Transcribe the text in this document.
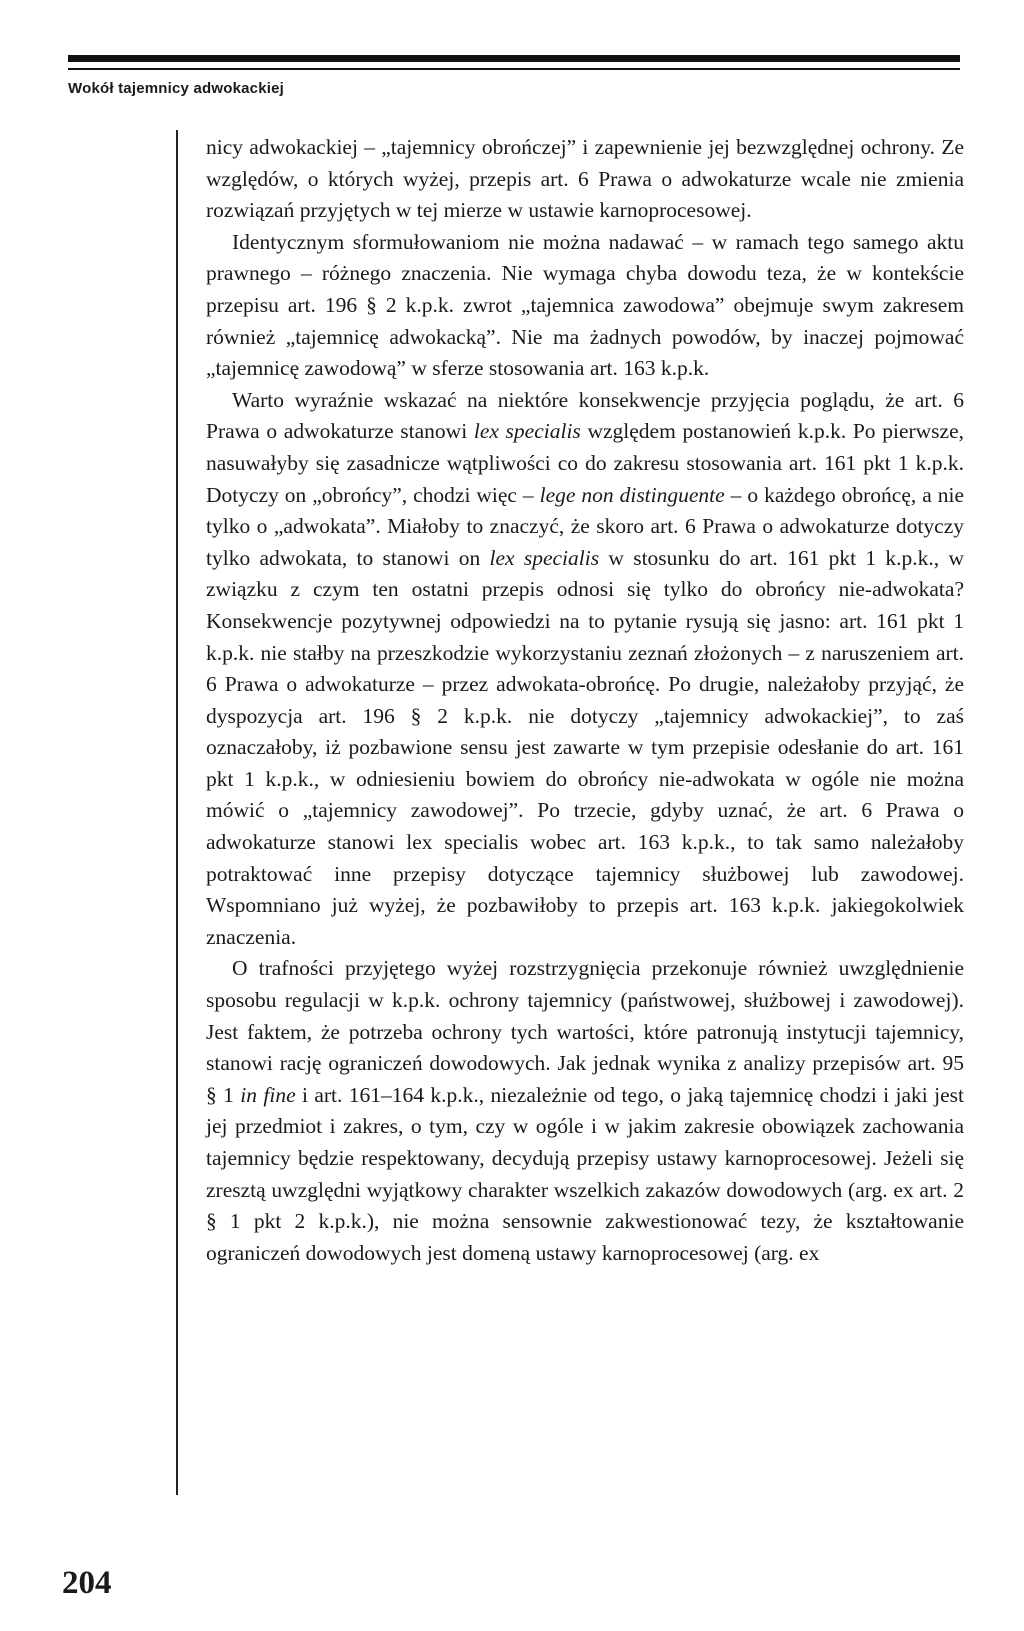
Wokół tajemnicy adwokackiej

nicy adwokackiej – „tajemnicy obrończej” i zapewnienie jej bezwzględnej ochrony. Ze względów, o których wyżej, przepis art. 6 Prawa o adwokaturze wcale nie zmienia rozwiązań przyjętych w tej mierze w ustawie karnoprocesowej.

Identycznym sformułowaniom nie można nadawać – w ramach tego samego aktu prawnego – różnego znaczenia. Nie wymaga chyba dowodu teza, że w kontekście przepisu art. 196 § 2 k.p.k. zwrot „tajemnica zawodowa” obejmuje swym zakresem również „tajemnicę adwokacką”. Nie ma żadnych powodów, by inaczej pojmować „tajemnicę zawodową” w sferze stosowania art. 163 k.p.k.

Warto wyraźnie wskazać na niektóre konsekwencje przyjęcia poglądu, że art. 6 Prawa o adwokaturze stanowi lex specialis względem postanowień k.p.k. Po pierwsze, nasuwałyby się zasadnicze wątpliwości co do zakresu stosowania art. 161 pkt 1 k.p.k. Dotyczy on „obrońcy”, chodzi więc – lege non distinguente – o każdego obrońcę, a nie tylko o „adwokata”. Miałoby to znaczyć, że skoro art. 6 Prawa o adwokaturze dotyczy tylko adwokata, to stanowi on lex specialis w stosunku do art. 161 pkt 1 k.p.k., w związku z czym ten ostatni przepis odnosi się tylko do obrońcy nie-adwokata? Konsekwencje pozytywnej odpowiedzi na to pytanie rysują się jasno: art. 161 pkt 1 k.p.k. nie stałby na przeszkodzie wykorzystaniu zeznań złożonych – z naruszeniem art. 6 Prawa o adwokaturze – przez adwokata-obrońcę. Po drugie, należałoby przyjąć, że dyspozycja art. 196 § 2 k.p.k. nie dotyczy „tajemnicy adwokackiej”, to zaś oznaczałoby, iż pozbawione sensu jest zawarte w tym przepisie odesłanie do art. 161 pkt 1 k.p.k., w odniesieniu bowiem do obrońcy nie-adwokata w ogóle nie można mówić o „tajemnicy zawodowej”. Po trzecie, gdyby uznać, że art. 6 Prawa o adwokaturze stanowi lex specialis wobec art. 163 k.p.k., to tak samo należałoby potraktować inne przepisy dotyczące tajemnicy służbowej lub zawodowej. Wspomniano już wyżej, że pozbawiłoby to przepis art. 163 k.p.k. jakiegokolwiek znaczenia.

O trafności przyjętego wyżej rozstrzygnięcia przekonuje również uwzględnienie sposobu regulacji w k.p.k. ochrony tajemnicy (państwowej, służbowej i zawodowej). Jest faktem, że potrzeba ochrony tych wartości, które patronują instytucji tajemnicy, stanowi rację ograniczeń dowodowych. Jak jednak wynika z analizy przepisów art. 95 § 1 in fine i art. 161–164 k.p.k., niezależnie od tego, o jaką tajemnicę chodzi i jaki jest jej przedmiot i zakres, o tym, czy w ogóle i w jakim zakresie obowiązek zachowania tajemnicy będzie respektowany, decydują przepisy ustawy karnoprocesowej. Jeżeli się zresztą uwzględni wyjątkowy charakter wszelkich zakazów dowodowych (arg. ex art. 2 § 1 pkt 2 k.p.k.), nie można sensownie zakwestionować tezy, że kształtowanie ograniczeń dowodowych jest domeną ustawy karnoprocesowej (arg. ex

204
